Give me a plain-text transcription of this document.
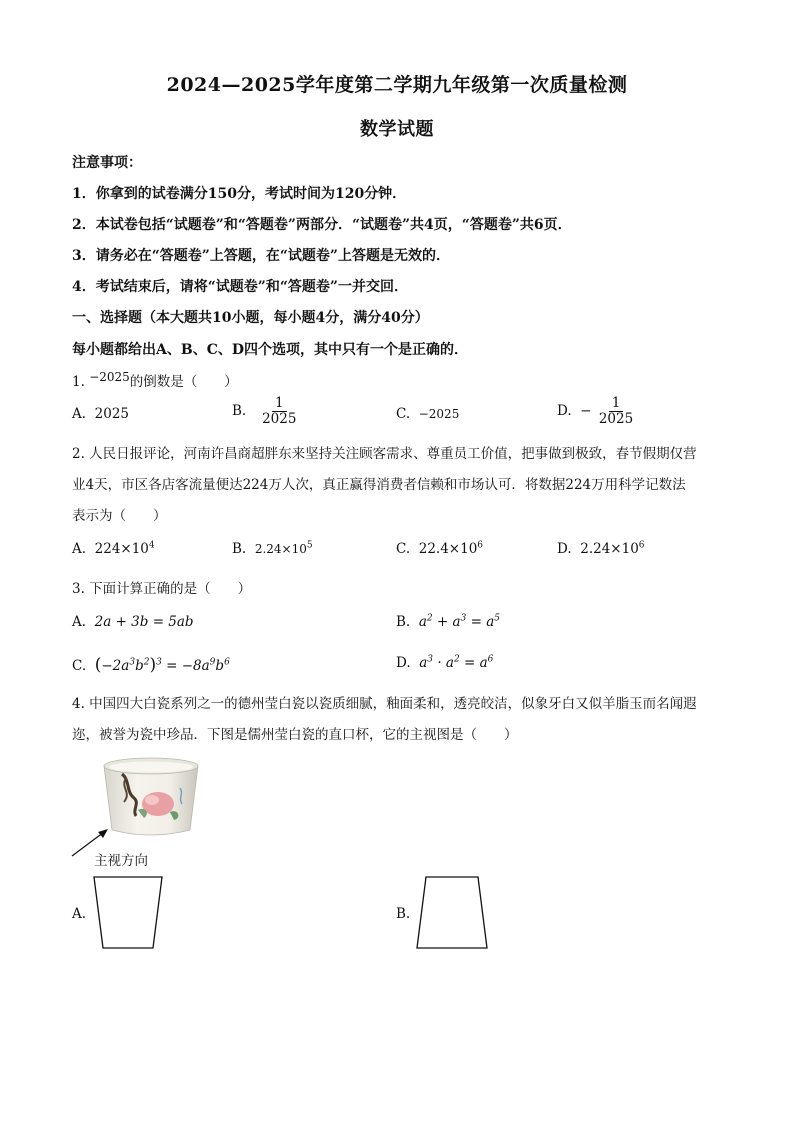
2024—2025学年度第二学期九年级第一次质量检测
数学试题
注意事项：
1．你拿到的试卷满分150分，考试时间为120分钟．
2．本试卷包括“试题卷”和“答题卷”两部分．“试题卷”共4页，“答题卷”共6页．
3．请务必在“答题卷”上答题，在“试题卷”上答题是无效的．
4．考试结束后，请将“试题卷”和“答题卷”一并交回．
一、选择题（本大题共10小题，每小题4分，满分40分）
每小题都给出A、B、C、D四个选项，其中只有一个是正确的．
1. −2025的倒数是（　　）
A. 2025	B. $\frac{1}{2025}$	C. −2025	D. − $\frac{1}{2025}$
2. 人民日报评论，河南许昌商超胖东来坚持关注顾客需求、尊重员工价值，把事做到极致，春节假期仅营
业4天，市区各店客流量便达224万人次，真正赢得消费者信赖和市场认可．将数据224万用科学记数法
表示为（　　）
A. $224\times 10^4$	B. $2.24\times 10^5$	C. $22.4\times 10^6$	D. $2.24\times 10^6$
3. 下面计算正确的是（　　）
A. 2a + 3b = 5ab	B. $a^2 + a^3 = a^5$
C. $(-2a^3b^2)^3 = -8a^9b^6$	D. $a^3 \cdot a^2 = a^6$
4. 中国四大白瓷系列之一的德州莹白瓷以瓷质细腻，釉面柔和，透亮皎洁，似象牙白又似羊脂玉而名闻遐
迩，被誉为瓷中珍品．下图是儒州莹白瓷的直口杯，它的主视图是（　　）
主视方向
A.	B.
